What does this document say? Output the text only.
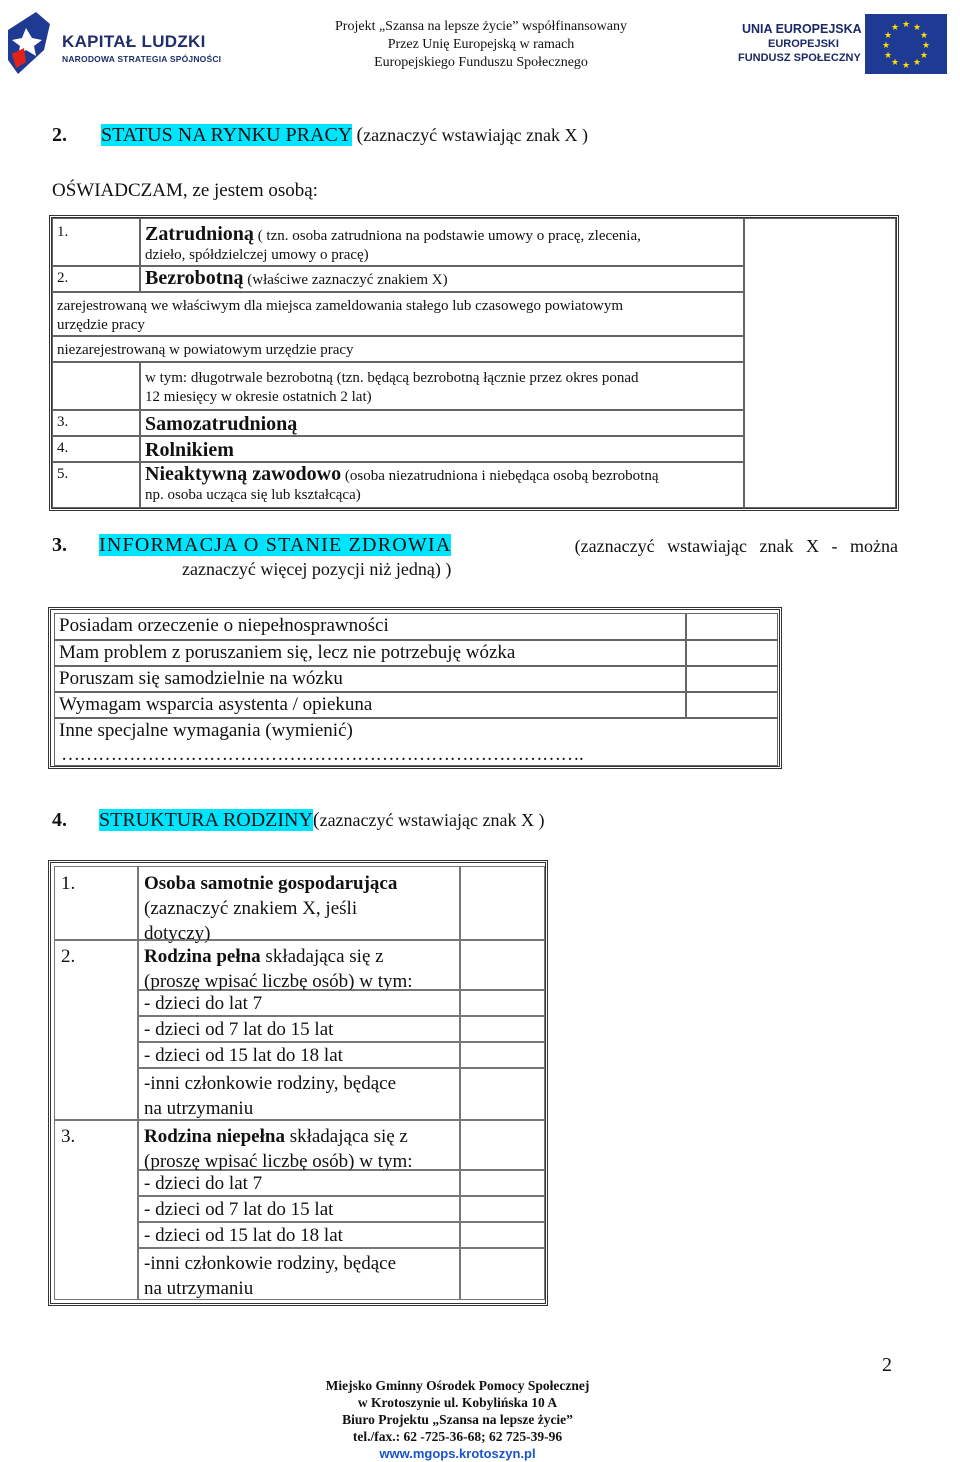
KAPITAŁ LUDZKI
NARODOWA STRATEGIA SPÓJNOŚCI
Projekt „Szansa na lepsze życie” współfinansowany
Przez Unię Europejską w ramach
Europejskiego Funduszu Społecznego
UNIA EUROPEJSKA
EUROPEJSKI
FUNDUSZ SPOŁECZNY
★ ★
★
★
★
★
★
★
★
★
★
★
2. STATUS NA RYNKU PRACY (zaznaczyć wstawiając znak X )
OŚWIADCZAM, ze jestem osobą:
1.	Zatrudnioną ( tzn. osoba zatrudniona na podstawie umowy o pracę, zlecenia,
dzieło, spółdzielczej umowy o pracę)
2.	Bezrobotną (właściwe zaznaczyć znakiem X)
zarejestrowaną we właściwym dla miejsca zameldowania stałego lub czasowego powiatowym
urzędzie pracy
niezarejestrowaną w powiatowym urzędzie pracy
w tym: długotrwale bezrobotną (tzn. będącą bezrobotną łącznie przez okres ponad
12 miesięcy w okresie ostatnich 2 lat)
3.	Samozatrudnioną
4.	Rolnikiem
5.	Nieaktywną zawodowo (osoba niezatrudniona i niebędąca osobą bezrobotną
np. osoba ucząca się lub kształcąca)
3. INFORMACJA O STANIE ZDROWIA	(zaznaczyć wstawiając znak X - można
zaznaczyć więcej pozycji niż jedną) )
Posiadam orzeczenie o niepełnosprawności
Mam problem z poruszaniem się, lecz nie potrzebuję wózka
Poruszam się samodzielnie na wózku
Wymagam wsparcia asystenta / opiekuna
Inne specjalne wymagania (wymienić)
………………………………………………………………………….
4. STRUKTURA RODZINY(zaznaczyć wstawiając znak X )
1.	Osoba samotnie gospodarująca
(zaznaczyć znakiem X, jeśli
dotyczy)
2.	Rodzina pełna składająca się z
(proszę wpisać liczbę osób) w tym:
- dzieci do lat 7
- dzieci od 7 lat do 15 lat
- dzieci od 15 lat do 18 lat
-inni członkowie rodziny, będące
na utrzymaniu
3.	Rodzina niepełna składająca się z
(proszę wpisać liczbę osób) w tym:
- dzieci do lat 7
- dzieci od 7 lat do 15 lat
- dzieci od 15 lat do 18 lat
-inni członkowie rodziny, będące
na utrzymaniu
Miejsko Gminny Ośrodek Pomocy Społecznej
w Krotoszynie ul. Kobylińska 10 A
Biuro Projektu „Szansa na lepsze życie”
tel./fax.: 62 -725-36-68; 62 725-39-96
www.mgops.krotoszyn.pl
2
